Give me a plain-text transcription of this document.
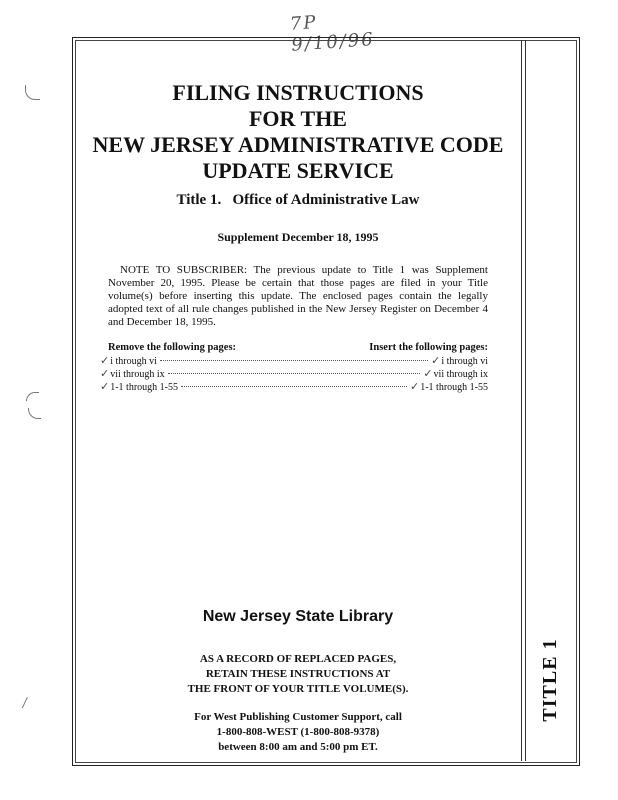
7P 9/10/96
TITLE 1
FILING INSTRUCTIONS
FOR THE
NEW JERSEY ADMINISTRATIVE CODE
UPDATE SERVICE
Title 1.   Office of Administrative Law
Supplement December 18, 1995
NOTE TO SUBSCRIBER: The previous update to Title 1 was Supplement November 20, 1995. Please be certain that those pages are filed in your Title volume(s) before inserting this update. The enclosed pages contain the legally adopted text of all rule changes published in the New Jersey Register on December 4 and December 18, 1995.
Remove the following pages:	Insert the following pages:
✓ i through vi	✓ i through vi
✓ vii through ix	✓ vii through ix
✓ 1-1 through 1-55	✓ 1-1 through 1-55
New Jersey State Library
AS A RECORD OF REPLACED PAGES,
RETAIN THESE INSTRUCTIONS AT
THE FRONT OF YOUR TITLE VOLUME(S).
For West Publishing Customer Support, call
1-800-808-WEST (1-800-808-9378)
between 8:00 am and 5:00 pm ET.
